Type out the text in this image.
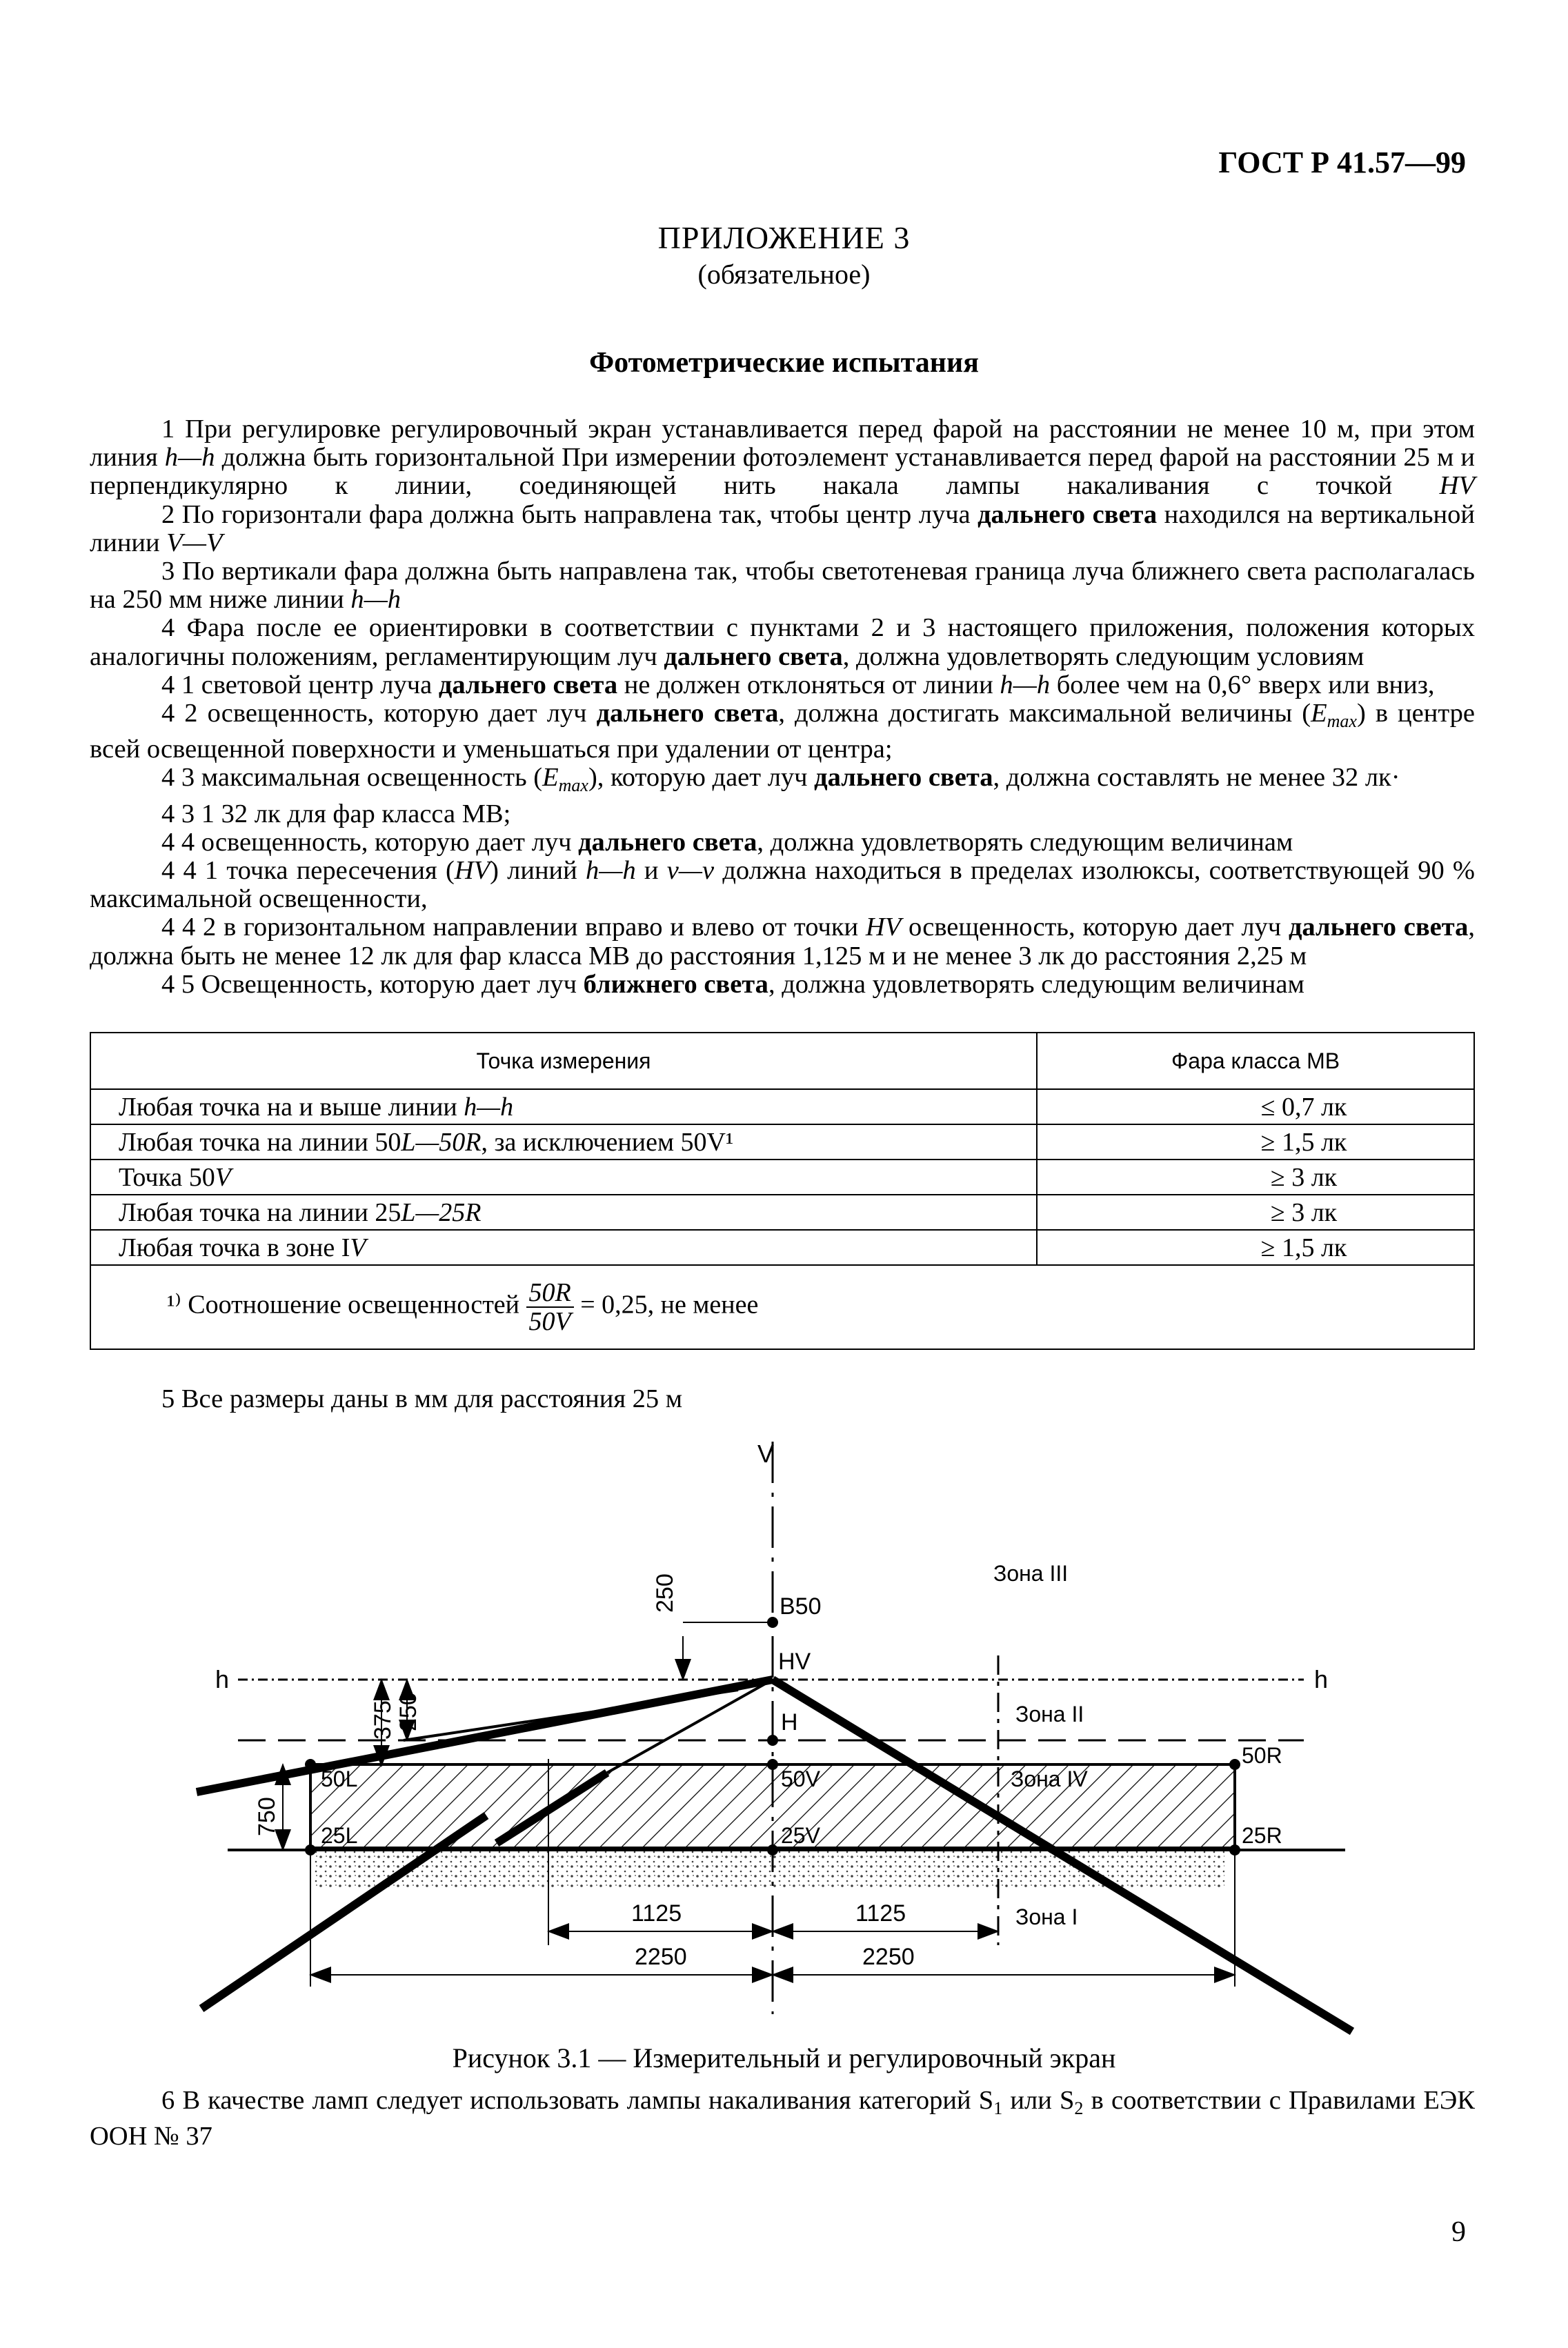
ГОСТ Р 41.57—99
ПРИЛОЖЕНИЕ 3
(обязательное)
Фотометрические испытания

1 При регулировке регулировочный экран устанавливается перед фарой на расстоянии не менее 10 м, при этом линия h—h должна быть горизонтальной При измерении фотоэлемент устанавливается перед фарой на расстоянии 25 м и перпендикулярно к линии, соединяющей нить накала лампы накаливания с точкой HV

2 По горизонтали фара должна быть направлена так, чтобы центр луча дальнего света находился на вертикальной линии V—V

3 По вертикали фара должна быть направлена так, чтобы светотеневая граница луча ближнего света располагалась на 250 мм ниже линии h—h

4 Фара после ее ориентировки в соответствии с пунктами 2 и 3 настоящего приложения, положения которых аналогичны положениям, регламентирующим луч дальнего света, должна удовлетворять следующим условиям

4 1 световой центр луча дальнего света не должен отклоняться от линии h—h более чем на 0,6° вверх или вниз,

4 2 освещенность, которую дает луч дальнего света, должна достигать максимальной величины $(E_{max})$ в центре всей освещенной поверхности и уменьшаться при удалении от центра;

4 3 максимальная освещенность $(E_{max})$, которую дает луч дальнего света, должна составлять не менее 32 лк·

4 3 1 32 лк для фар класса МВ;

4 4 освещенность, которую дает луч дальнего света, должна удовлетворять следующим величинам

4 4 1 точка пересечения (HV) линий h—h и v—v должна находиться в пределах изолюксы, соответствующей 90 % максимальной освещенности,

4 4 2 в горизонтальном направлении вправо и влево от точки HV освещенность, которую дает луч дальнего света, должна быть не менее 12 лк для фар класса МВ до расстояния 1,125 м и не менее 3 лк до расстояния 2,25 м

4 5 Освещенность, которую дает луч ближнего света, должна удовлетворять следующим величинам

Точка измерения	Фара класса МВ
Любая точка на и выше линии h—h	≤ 0,7 лк
Любая точка на линии 50L—50R, за исключением 50V¹	≥ 1,5 лк
Точка 50V	≥ 3 лк
Любая точка на линии 25L—25R	≥ 3 лк
Любая точка в зоне IV	≥ 1,5 лк
¹⁾ Соотношение освещенностей $\frac{50R}{50V} = 0,25$, не менее	
5 Все размеры даны в мм для расстояния 25 м
250
375 250
750
1125	1125
2250	2250
V
h	h
B50
HV
H
50L	50V
50R
25L	25V	25R
Зона III
Зона II
Зона IV
Зона I
Рисунок 3.1 — Измерительный и регулировочный экран

6 В качестве ламп следует использовать лампы накаливания категорий $S_1$ или $S_2$ в соответствии с Правилами ЕЭК ООН № 37

9
